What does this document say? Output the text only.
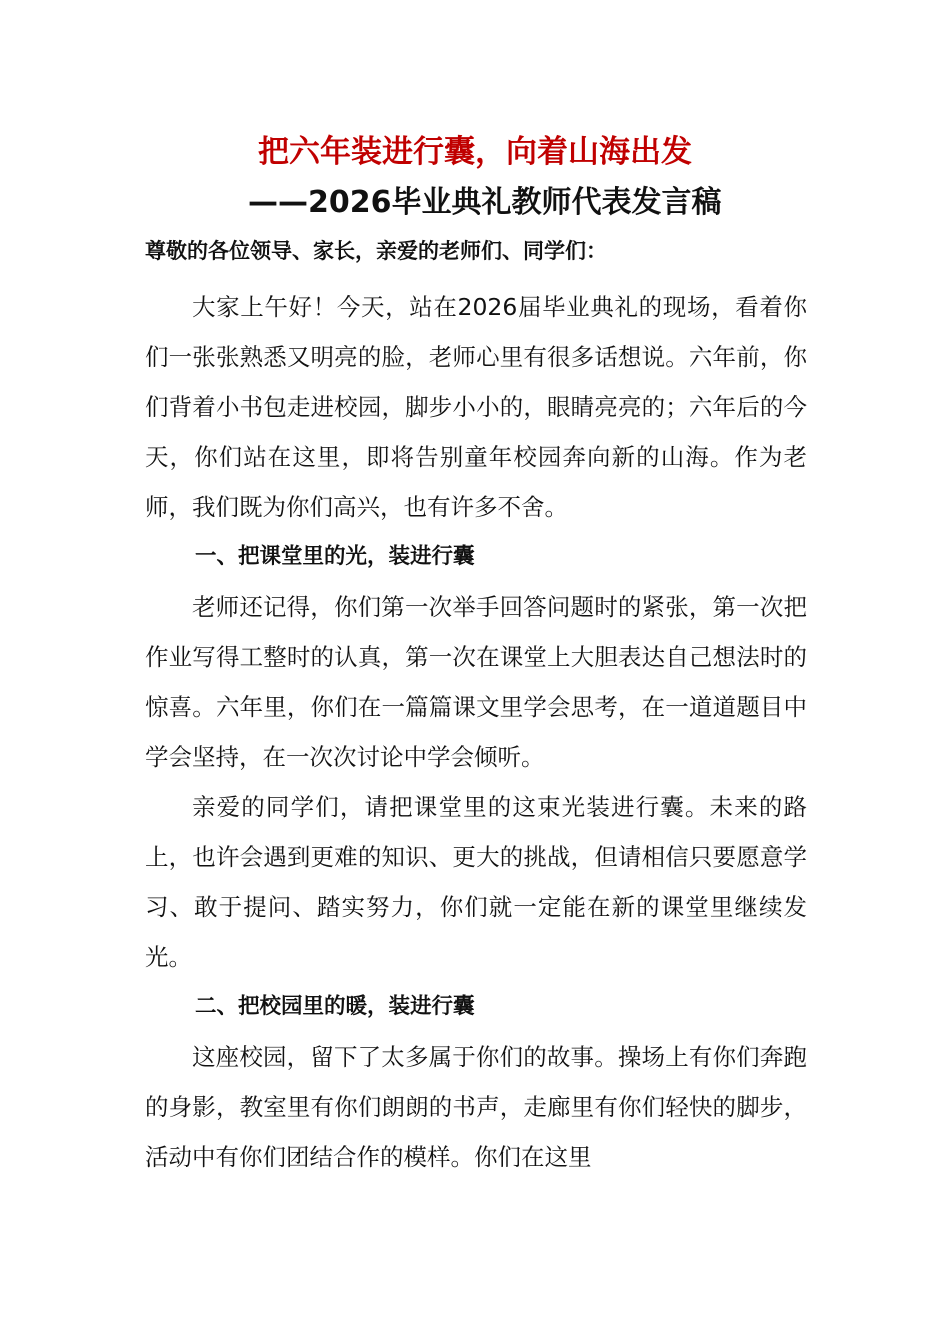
把六年装进行囊，向着山海出发
——2026毕业典礼教师代表发言稿

尊敬的各位领导、家长，亲爱的老师们、同学们：

大家上午好！今天，站在2026届毕业典礼的现场，看着你们一张张熟悉又明亮的脸，老师心里有很多话想说。六年前，你们背着小书包走进校园，脚步小小的，眼睛亮亮的；六年后的今天，你们站在这里，即将告别童年校园奔向新的山海。作为老师，我们既为你们高兴，也有许多不舍。

一、把课堂里的光，装进行囊

老师还记得，你们第一次举手回答问题时的紧张，第一次把作业写得工整时的认真，第一次在课堂上大胆表达自己想法时的惊喜。六年里，你们在一篇篇课文里学会思考，在一道道题目中学会坚持，在一次次讨论中学会倾听。

亲爱的同学们，请把课堂里的这束光装进行囊。未来的路上，也许会遇到更难的知识、更大的挑战，但请相信只要愿意学习、敢于提问、踏实努力，你们就一定能在新的课堂里继续发光。

二、把校园里的暖，装进行囊

这座校园，留下了太多属于你们的故事。操场上有你们奔跑的身影，教室里有你们朗朗的书声，走廊里有你们轻快的脚步，活动中有你们团结合作的模样。你们在这里
